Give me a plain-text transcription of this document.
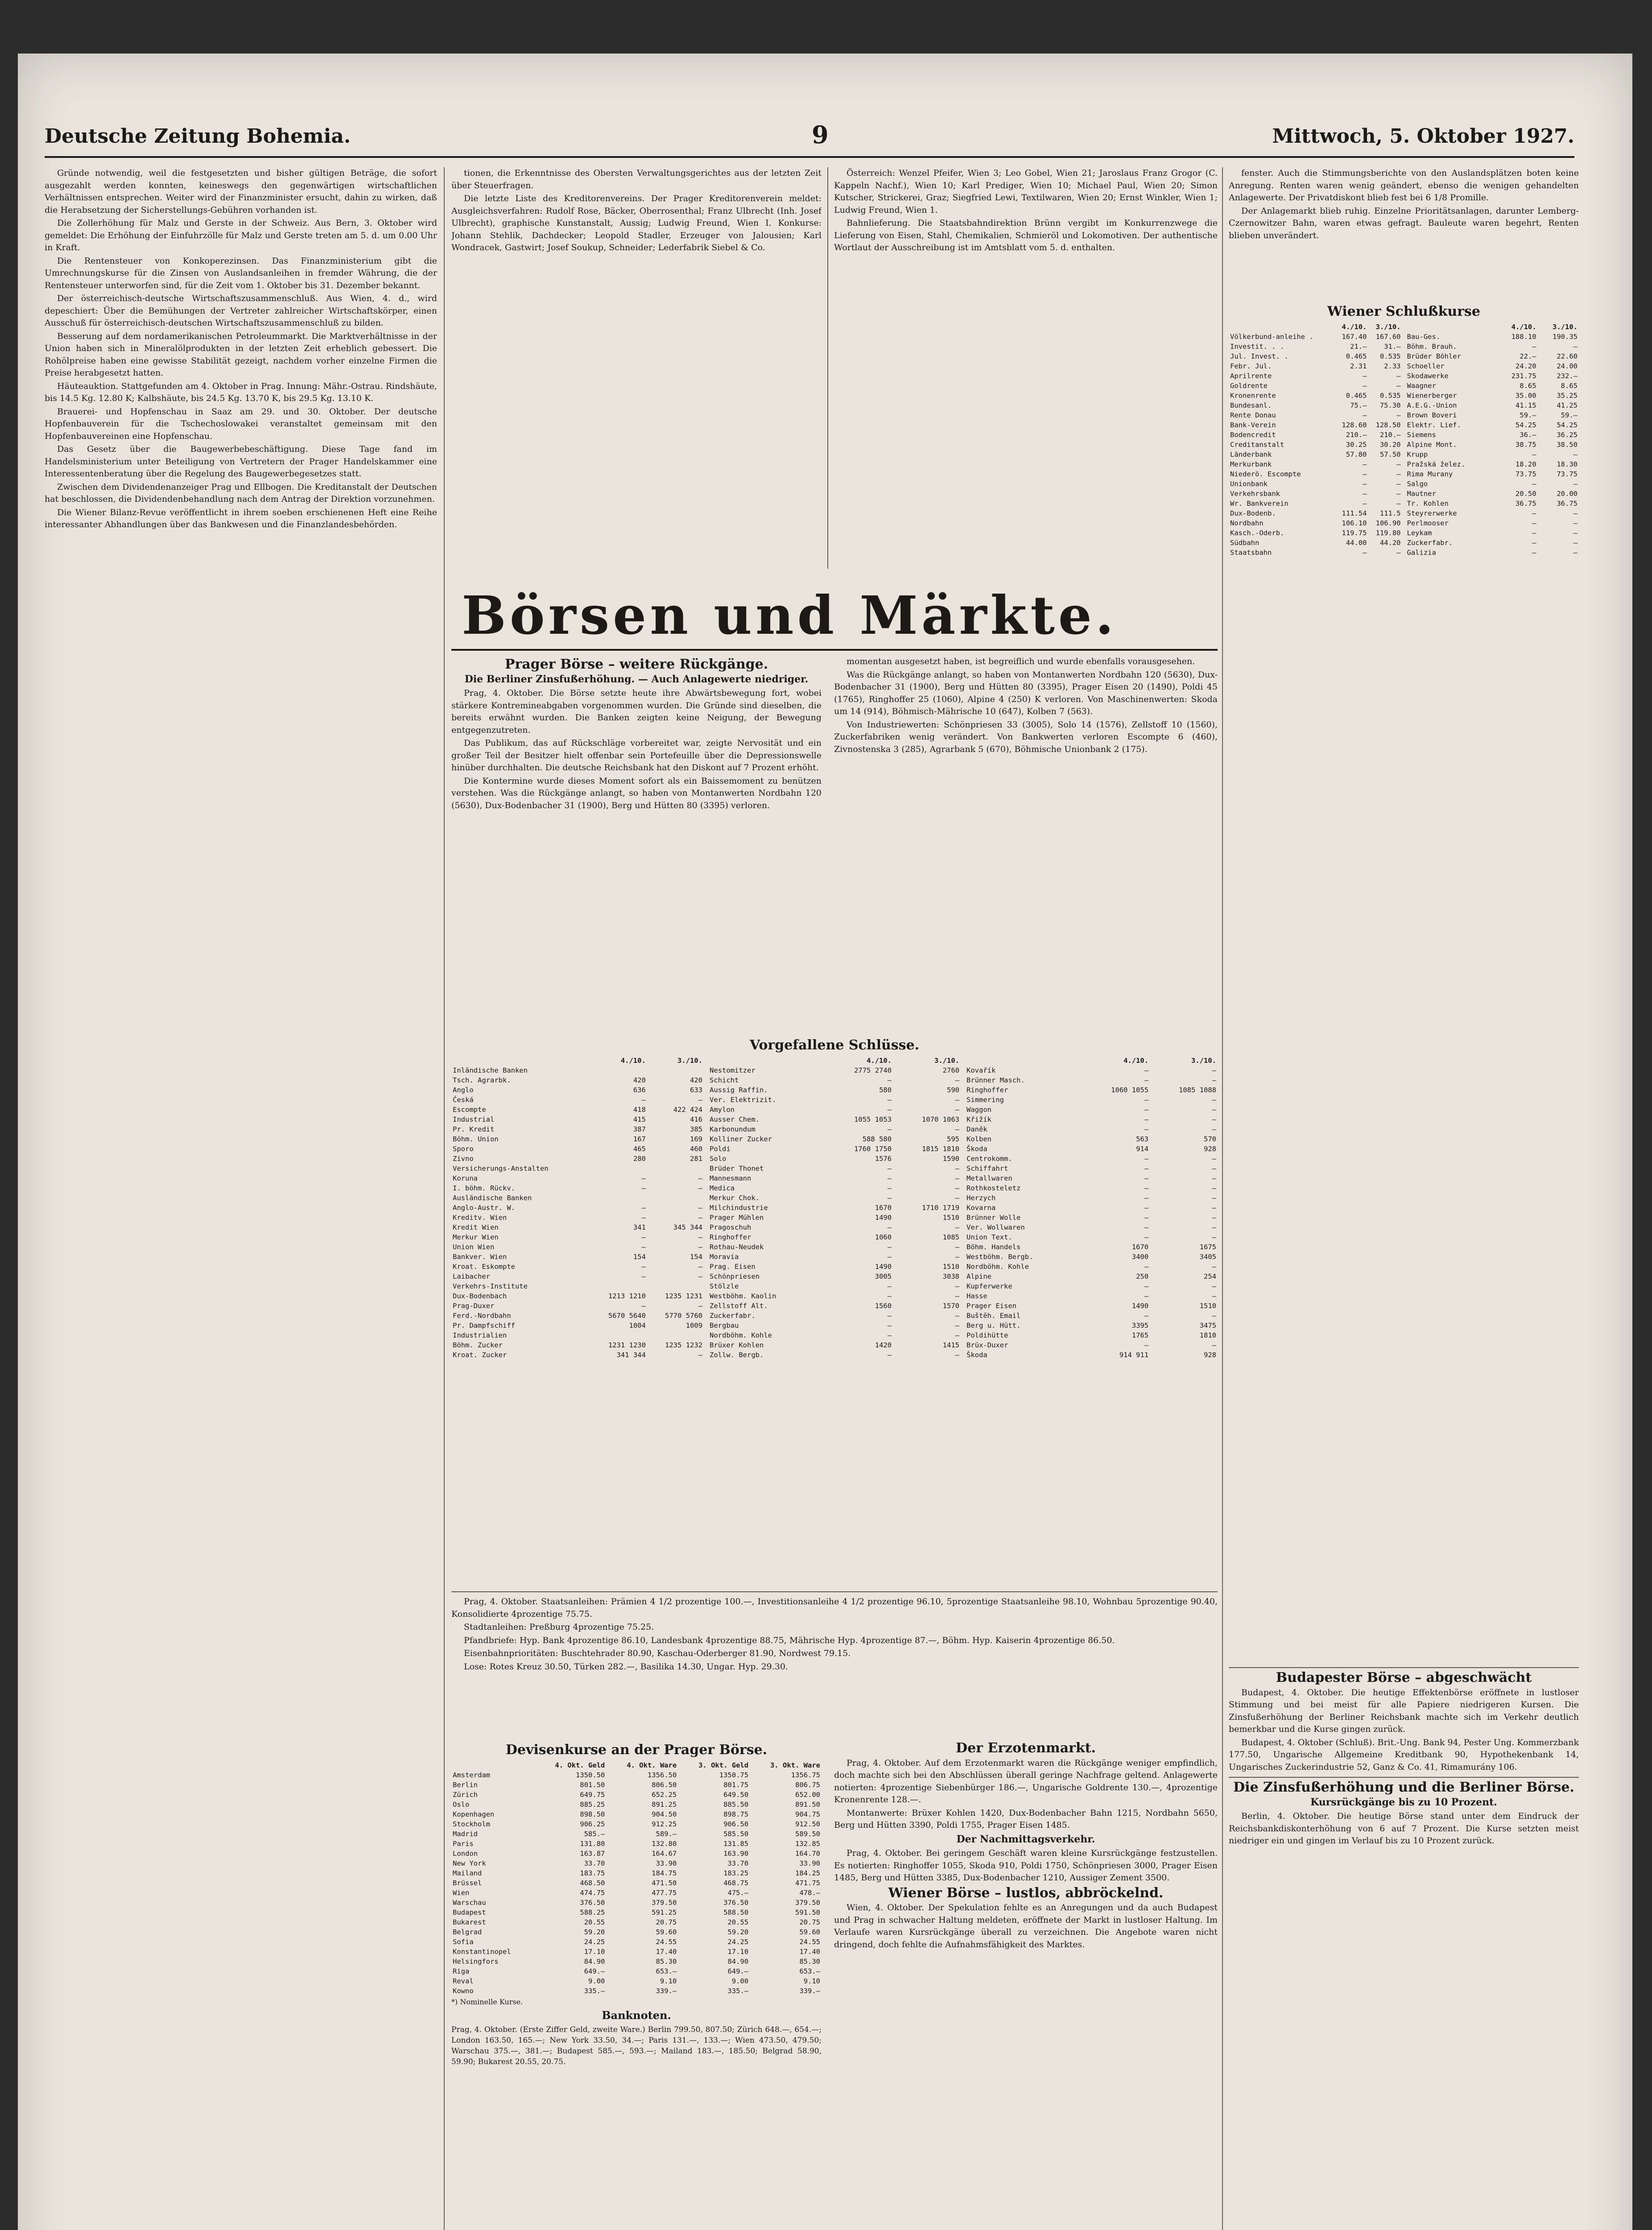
Deutsche Zeitung Bohemia.	9	Mittwoch, 5. Oktober 1927.

Gründe notwendig, weil die festgesetzten und bisher gültigen Beträge, die sofort ausgezahlt werden konnten, keineswegs den gegenwärtigen wirtschaftlichen Verhältnissen entsprechen. Weiter wird der Finanzminister ersucht, dahin zu wirken, daß die Herabsetzung der Sicherstellungs-Gebühren vorhanden ist.

Die Zollerhöhung für Malz und Gerste in der Schweiz. Aus Bern, 3. Oktober wird gemeldet: Die Erhöhung der Einfuhrzölle für Malz und Gerste treten am 5. d. um 0.00 Uhr in Kraft.

Die Rentensteuer von Konkoperezinsen. Das Finanzministerium gibt die Umrechnungskurse für die Zinsen von Auslandsanleihen in fremder Währung, die der Rentensteuer unterworfen sind, für die Zeit vom 1. Oktober bis 31. Dezember bekannt.

Der österreichisch-deutsche Wirtschaftszusammenschluß. Aus Wien, 4. d., wird depeschiert: Über die Bemühungen der Vertreter zahlreicher Wirtschaftskörper, einen Ausschuß für österreichisch-deutschen Wirtschaftszusammenschluß zu bilden.

Besserung auf dem nordamerikanischen Petroleummarkt. Die Marktverhältnisse in der Union haben sich in Mineralölprodukten in der letzten Zeit erheblich gebessert. Die Rohölpreise haben eine gewisse Stabilität gezeigt, nachdem vorher einzelne Firmen die Preise herabgesetzt hatten.

Häuteauktion. Stattgefunden am 4. Oktober in Prag. Innung: Mähr.-Ostrau. Rindshäute, bis 14.5 Kg. 12.80 K; Kalbshäute, bis 24.5 Kg. 13.70 K, bis 29.5 Kg. 13.10 K.

Brauerei- und Hopfenschau in Saaz am 29. und 30. Oktober. Der deutsche Hopfenbauverein für die Tschechoslowakei veranstaltet gemeinsam mit den Hopfenbauvereinen eine Hopfenschau.

Das Gesetz über die Baugewerbebeschäftigung. Diese Tage fand im Handelsministerium unter Beteiligung von Vertretern der Prager Handelskammer eine Interessentenberatung über die Regelung des Baugewerbegesetzes statt.

Zwischen dem Dividendenanzeiger Prag und Ellbogen. Die Kreditanstalt der Deutschen hat beschlossen, die Dividendenbehandlung nach dem Antrag der Direktion vorzunehmen.

Die Wiener Bilanz-Revue veröffentlicht in ihrem soeben erschienenen Heft eine Reihe interessanter Abhandlungen über das Bankwesen und die Finanzlandesbehörden.

tionen, die Erkenntnisse des Obersten Verwaltungsgerichtes aus der letzten Zeit über Steuerfragen.

Die letzte Liste des Kreditorenvereins. Der Prager Kreditorenverein meldet: Ausgleichsverfahren: Rudolf Rose, Bäcker, Oberrosenthal; Franz Ulbrecht (Inh. Josef Ulbrecht), graphische Kunstanstalt, Aussig; Ludwig Freund, Wien I. Konkurse: Johann Stehlik, Dachdecker; Leopold Stadler, Erzeuger von Jalousien; Karl Wondracek, Gastwirt; Josef Soukup, Schneider; Lederfabrik Siebel & Co.

Österreich: Wenzel Pfeifer, Wien 3; Leo Gobel, Wien 21; Jaroslaus Franz Grogor (C. Kappeln Nachf.), Wien 10; Karl Prediger, Wien 10; Michael Paul, Wien 20; Simon Kutscher, Strickerei, Graz; Siegfried Lewi, Textilwaren, Wien 20; Ernst Winkler, Wien 1; Ludwig Freund, Wien 1.

Bahnlieferung. Die Staatsbahndirektion Brünn vergibt im Konkurrenzwege die Lieferung von Eisen, Stahl, Chemikalien, Schmieröl und Lokomotiven. Der authentische Wortlaut der Ausschreibung ist im Amtsblatt vom 5. d. enthalten.

fenster. Auch die Stimmungsberichte von den Auslandsplätzen boten keine Anregung. Renten waren wenig geändert, ebenso die wenigen gehandelten Anlagewerte. Der Privatdiskont blieb fest bei 6 1/8 Promille.

Der Anlagemarkt blieb ruhig. Einzelne Prioritätsanlagen, darunter Lemberg-Czernowitzer Bahn, waren etwas gefragt. Bauleute waren begehrt, Renten blieben unverändert.

Wiener Schlußkurse
	4./10.	3./10.
Völkerbund-anleihe .	167.40	167.60
Investit. . .	21.—	31.—
Jul. Invest. .	0.465	0.535
Febr. Jul.	2.31	2.33
Aprilrente	—	—
Goldrente	—	—
Kronenrente	0.465	0.535
Bundesanl.	75.—	75.30
Rente Donau	—	—
Bank-Verein	128.60	128.50
Bodencredit	210.—	210.—
Creditanstalt	30.25	30.20
Länderbank	57.80	57.50
Merkurbank	—	—
Niederö. Escompte	—	—
Unionbank	—	—
Verkehrsbank	—	—
Wr. Bankverein	—	—
Dux-Bodenb.	111.54	111.5
Nordbahn	106.10	106.90
Kasch.-Oderb.	119.75	119.80
Südbahn	44.00	44.20
Staatsbahn	—	—
	4./10.	3./10.
Bau-Ges.	188.10	190.35
Böhm. Brauh.	—	—
Brüder Böhler	22.—	22.60
Schoeller	24.20	24.00
Skodawerke	231.75	232.—
Waagner	8.65	8.65
Wienerberger	35.00	35.25
A.E.G.-Union	41.15	41.25
Brown Boveri	59.—	59.—
Elektr. Lief.	54.25	54.25
Siemens	36.—	36.25
Alpine Mont.	38.75	38.50
Krupp	—	—
Pražská želez.	18.20	18.30
Rima Murany	73.75	73.75
Salgo	—	—
Mautner	20.50	20.00
Tr. Kohlen	36.75	36.75
Steyrerwerke	—	—
Perlmooser	—	—
Leykam	—	—
Zuckerfabr.	—	—
Galizia	—	—
Börsen und Märkte.
Prager Börse – weitere Rückgänge.
Die Berliner Zinsfußerhöhung. — Auch Anlagewerte niedriger.

Prag, 4. Oktober. Die Börse setzte heute ihre Abwärtsbewegung fort, wobei stärkere Kontremineabgaben vorgenommen wurden. Die Gründe sind dieselben, die bereits erwähnt wurden. Die Banken zeigten keine Neigung, der Bewegung entgegenzutreten.

Das Publikum, das auf Rückschläge vorbereitet war, zeigte Nervosität und ein großer Teil der Besitzer hielt offenbar sein Portefeuille über die Depressionswelle hinüber durchhalten. Die deutsche Reichsbank hat den Diskont auf 7 Prozent erhöht.

Die Kontermine wurde dieses Moment sofort als ein Baissemoment zu benützen verstehen. Was die Rückgänge anlangt, so haben von Montanwerten Nordbahn 120 (5630), Dux-Bodenbacher 31 (1900), Berg und Hütten 80 (3395) verloren.

momentan ausgesetzt haben, ist begreiflich und wurde ebenfalls vorausgesehen.

Was die Rückgänge anlangt, so haben von Montanwerten Nordbahn 120 (5630), Dux-Bodenbacher 31 (1900), Berg und Hütten 80 (3395), Prager Eisen 20 (1490), Poldi 45 (1765), Ringhoffer 25 (1060), Alpine 4 (250) K verloren. Von Maschinenwerten: Skoda um 14 (914), Böhmisch-Mährische 10 (647), Kolben 7 (563).

Von Industriewerten: Schönpriesen 33 (3005), Solo 14 (1576), Zellstoff 10 (1560), Zuckerfabriken wenig verändert. Von Bankwerten verloren Escompte 6 (460), Zivnostenska 3 (285), Agrarbank 5 (670), Böhmische Unionbank 2 (175).

Vorgefallene Schlüsse.
	4./10.	3./10.
Inländische Banken		
Tsch. Agrarbk.	420	420
Anglo	636	633
Česká	—	—
Escompte	418	422 424
Industrial	415	416
Pr. Kredit	387	385
Böhm. Union	167	169
Sporo	465	460
Zivno	280	281
Versicherungs-Anstalten		
Koruna	—	—
I. böhm. Rückv.	—	—
Ausländische Banken		
Anglo-Austr. W.	—	—
Kreditv. Wien	—	—
Kredit Wien	341	345 344
Merkur Wien	—	—
Union Wien	—	—
Bankver. Wien	154	154
Kroat. Eskompte	—	—
Laibacher	—	—
Verkehrs-Institute		
Dux-Bodenbach	1213 1210	1235 1231
Prag-Duxer	—	—
Ferd.-Nordbahn	5670 5640	5770 5760
Pr. Dampfschiff	1004	1009
Industrialien		
Böhm. Zucker	1231 1230	1235 1232
Kroat. Zucker	341 344	—
	4./10.	3./10.
Nestomitzer	2775 2740	2760
Schicht	—	—
Aussig Raffin.	580	590
Ver. Elektrizit.	—	—
Amylon	—	—
Ausser Chem.	1055 1053	1070 1063
Karbonundum	—	—
Kolliner Zucker	588 580	595
Poldi	1760 1750	1815 1810
Solo	1576	1590
Brüder Thonet	—	—
Mannesmann	—	—
Medica	—	—
Merkur Chok.	—	—
Milchindustrie	1670	1710 1719
Prager Mühlen	1490	1510
Pragoschuh	—	—
Ringhoffer	1060	1085
Rothau-Neudek	—	—
Moravia	—	—
Prag. Eisen	1490	1510
Schönpriesen	3005	3038
Stölzle	—	—
Westböhm. Kaolin	—	—
Zellstoff Alt.	1560	1570
Zuckerfabr.	—	—
Bergbau	—	—
Nordböhm. Kohle	—	—
Brüxer Kohlen	1420	1415
Zollw. Bergb.	—	—
	4./10.	3./10.
Kovařík	—	—
Brünner Masch.	—	—
Ringhoffer	1060 1055	1085 1088
Simmering	—	—
Waggon	—	—
Křižík	—	—
Daněk	—	—
Kolben	563	570
Škoda	914	928
Centrokomm.	—	—
Schiffahrt	—	—
Metallwaren	—	—
Rothkosteletz	—	—
Herzych	—	—
Kovarna	—	—
Brünner Wolle	—	—
Ver. Wollwaren	—	—
Union Text.	—	—
Böhm. Handels	1670	1675
Westböhm. Bergb.	3400	3405
Nordböhm. Kohle	—	—
Alpine	250	254
Kupferwerke	—	—
Hasse	—	—
Prager Eisen	1490	1510
Buštěh. Email	—	—
Berg u. Hütt.	3395	3475
Poldihütte	1765	1810
Brüx-Duxer	—	—
Škoda	914 911	928

Prag, 4. Oktober. Staatsanleihen: Prämien 4 1/2 prozentige 100.—, Investitionsanleihe 4 1/2 prozentige 96.10, 5prozentige Staatsanleihe 98.10, Wohnbau 5prozentige 90.40, Konsolidierte 4prozentige 75.75.

Stadtanleihen: Preßburg 4prozentige 75.25.

Pfandbriefe: Hyp. Bank 4prozentige 86.10, Landesbank 4prozentige 88.75, Mährische Hyp. 4prozentige 87.—, Böhm. Hyp. Kaiserin 4prozentige 86.50.

Eisenbahnprioritäten: Buschtehrader 80.90, Kaschau-Oderberger 81.90, Nordwest 79.15.

Lose: Rotes Kreuz 30.50, Türken 282.—, Basilika 14.30, Ungar. Hyp. 29.30.

Devisenkurse an der Prager Börse.
	4. Okt. Geld	4. Okt. Ware	3. Okt. Geld	3. Okt. Ware
Amsterdam	1350.50	1356.50	1350.75	1356.75
Berlin	801.50	806.50	801.75	806.75
Zürich	649.75	652.25	649.50	652.00
Oslo	885.25	891.25	885.50	891.50
Kopenhagen	898.50	904.50	898.75	904.75
Stockholm	906.25	912.25	906.50	912.50
Madrid	585.—	589.—	585.50	589.50
Paris	131.80	132.80	131.85	132.85
London	163.87	164.67	163.90	164.70
New York	33.70	33.90	33.70	33.90
Mailand	183.75	184.75	183.25	184.25
Brüssel	468.50	471.50	468.75	471.75
Wien	474.75	477.75	475.—	478.—
Warschau	376.50	379.50	376.50	379.50
Budapest	588.25	591.25	588.50	591.50
Bukarest	20.55	20.75	20.55	20.75
Belgrad	59.20	59.60	59.20	59.60
Sofia	24.25	24.55	24.25	24.55
Konstantinopel	17.10	17.40	17.10	17.40
Helsingfors	84.90	85.30	84.90	85.30
Riga	649.—	653.—	649.—	653.—
Reval	9.00	9.10	9.00	9.10
Kowno	335.—	339.—	335.—	339.—
*) Nominelle Kurse.
Banknoten.
Prag, 4. Oktober. (Erste Ziffer Geld, zweite Ware.) Berlin 799.50, 807.50; Zürich 648.—, 654.—; London 163.50, 165.—; New York 33.50, 34.—; Paris 131.—, 133.—; Wien 473.50, 479.50; Warschau 375.—, 381.—; Budapest 585.—, 593.—; Mailand 183.—, 185.50; Belgrad 58.90, 59.90; Bukarest 20.55, 20.75.
Der Erzotenmarkt.

Prag, 4. Oktober. Auf dem Erzotenmarkt waren die Rückgänge weniger empfindlich, doch machte sich bei den Abschlüssen überall geringe Nachfrage geltend. Anlagewerte notierten: 4prozentige Siebenbürger 186.—, Ungarische Goldrente 130.—, 4prozentige Kronenrente 128.—.

Montanwerte: Brüxer Kohlen 1420, Dux-Bodenbacher Bahn 1215, Nordbahn 5650, Berg und Hütten 3390, Poldi 1755, Prager Eisen 1485.

Der Nachmittagsverkehr.

Prag, 4. Oktober. Bei geringem Geschäft waren kleine Kursrückgänge festzustellen. Es notierten: Ringhoffer 1055, Skoda 910, Poldi 1750, Schönpriesen 3000, Prager Eisen 1485, Berg und Hütten 3385, Dux-Bodenbacher 1210, Aussiger Zement 3500.

Wiener Börse – lustlos, abbröckelnd.

Wien, 4. Oktober. Der Spekulation fehlte es an Anregungen und da auch Budapest und Prag in schwacher Haltung meldeten, eröffnete der Markt in lustloser Haltung. Im Verlaufe waren Kursrückgänge überall zu verzeichnen. Die Angebote waren nicht dringend, doch fehlte die Aufnahmsfähigkeit des Marktes.

Budapester Börse – abgeschwächt

Budapest, 4. Oktober. Die heutige Effektenbörse eröffnete in lustloser Stimmung und bei meist für alle Papiere niedrigeren Kursen. Die Zinsfußerhöhung der Berliner Reichsbank machte sich im Verkehr deutlich bemerkbar und die Kurse gingen zurück.

Budapest, 4. Oktober (Schluß). Brit.-Ung. Bank 94, Pester Ung. Kommerzbank 177.50, Ungarische Allgemeine Kreditbank 90, Hypothekenbank 14, Ungarisches Zuckerindustrie 52, Ganz & Co. 41, Rimamurány 106.

Die Zinsfußerhöhung und die Berliner Börse.
Kursrückgänge bis zu 10 Prozent.

Berlin, 4. Oktober. Die heutige Börse stand unter dem Eindruck der Reichsbankdiskonterhöhung von 6 auf 7 Prozent. Die Kurse setzten meist niedriger ein und gingen im Verlauf bis zu 10 Prozent zurück.
